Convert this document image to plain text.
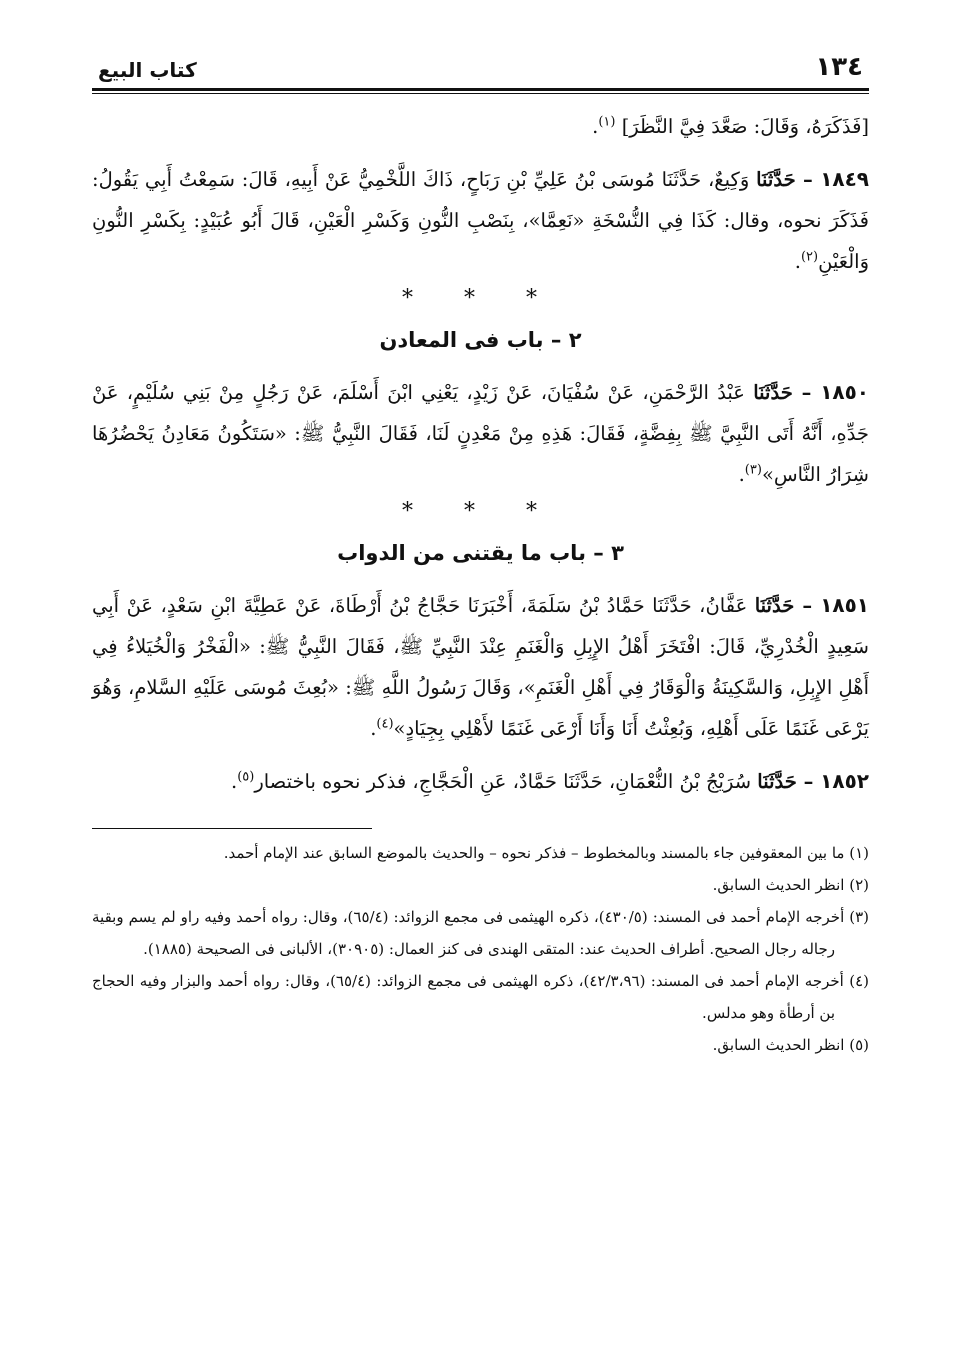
١٣٤
كتاب البيع

[فَذَكَرَهُ، وَقَالَ: صَعَّدَ فِيَّ النَّظَرَ] $^{(١)}$.

١٨٤٩ – حَدَّثَنَا وَكِيعٌ، حَدَّثَنَا مُوسَى بْنُ عَلِيِّ بْنِ رَبَاحٍ، ذَاكَ اللَّخْمِيُّ عَنْ أَبِيهِ، قَالَ: سَمِعْتُ أَبِي يَقُولُ: فَذَكَرَ نحوه، وقال: كَذَا فِي النُّسْخَةِ «نَعِمَّا»، بِنَصْبِ النُّونِ وَكَسْرِ الْعَيْنِ، قَالَ أَبُو عُبَيْدٍ: بِكَسْرِ النُّونِ وَالْعَيْنِ$^{(٢)}$.

* * *

٢ – باب فى المعادن

١٨٥٠ – حَدَّثَنَا عَبْدُ الرَّحْمَنِ، عَنْ سُفْيَانَ، عَنْ زَيْدٍ، يَعْنِي ابْنَ أَسْلَمَ، عَنْ رَجُلٍ مِنْ بَنِي سُلَيْمٍ، عَنْ جَدِّهِ، أَنَّهُ أَتَى النَّبِيَّ ﷺ بِفِضَّةٍ، فَقَالَ: هَذِهِ مِنْ مَعْدِنٍ لَنَا، فَقَالَ النَّبِيُّ ﷺ: «سَتَكُونُ مَعَادِنُ يَحْضُرُهَا شِرَارُ النَّاسِ»$^{(٣)}$.

* * *

٣ – باب ما يقتنى من الدواب

١٨٥١ – حَدَّثَنَا عَفَّانُ، حَدَّثَنَا حَمَّادُ بْنُ سَلَمَةَ، أَخْبَرَنَا حَجَّاجُ بْنُ أَرْطَاةَ، عَنْ عَطِيَّةَ ابْنِ سَعْدٍ، عَنْ أَبِي سَعِيدٍ الْخُدْرِيِّ، قَالَ: افْتَخَرَ أَهْلُ الإِبِلِ وَالْغَنَمِ عِنْدَ النَّبِيِّ ﷺ، فَقَالَ النَّبِيُّ ﷺ: «الْفَخْرُ وَالْخُيَلاءُ فِي أَهْلِ الإِبِلِ، وَالسَّكِينَةُ وَالْوَقَارُ فِي أَهْلِ الْغَنَمِ»، وَقَالَ رَسُولُ اللَّهِ ﷺ: «بُعِثَ مُوسَى عَلَيْهِ السَّلامِ، وَهُوَ يَرْعَى غَنَمًا عَلَى أَهْلِهِ، وَبُعِثْتُ أَنَا وَأَنَا أَرْعَى غَنَمًا لأَهْلِي بِجِيَادٍ»$^{(٤)}$.

١٨٥٢ – حَدَّثَنَا سُرَيْجُ بْنُ النُّعْمَانِ، حَدَّثَنَا حَمَّادٌ، عَنِ الْحَجَّاجِ، فذكر نحوه باختصار$^{(٥)}$.

(١) ما بين المعقوفين جاء بالمسند وبالمخطوط – فذكر نحوه – والحديث بالموضع السابق عند الإمام أحمد.

(٢) انظر الحديث السابق.

(٣) أخرجه الإمام أحمد فى المسند: (٤٣٠/٥)، ذكره الهيثمى فى مجمع الزوائد: (٦٥/٤)، وقال: رواه أحمد وفيه راو لم يسم وبقية رجاله رجال الصحيح. أطراف الحديث عند: المتقى الهندى فى كنز العمال: (٣٠٩٠٥)، الألبانى فى الصحيحة (١٨٨٥).

(٤) أخرجه الإمام أحمد فى المسند: (٤٢/٣،٩٦)، ذكره الهيثمى فى مجمع الزوائد: (٦٥/٤)، وقال: رواه أحمد والبزار وفيه الحجاج بن أرطأة وهو مدلس.

(٥) انظر الحديث السابق.
